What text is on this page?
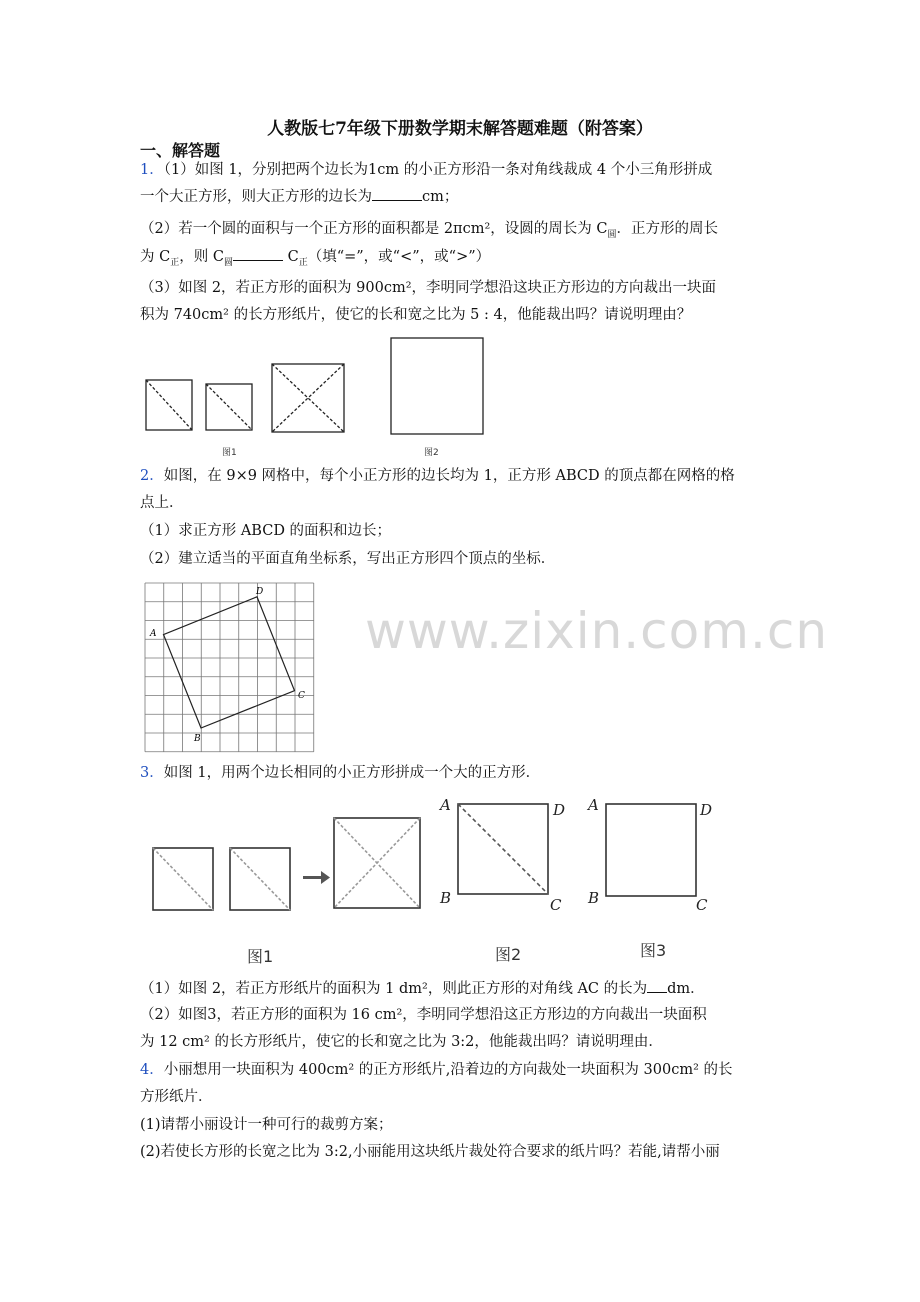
人教版七7年级下册数学期末解答题难题（附答案）
一、解答题
1．（1）如图 1，分别把两个边长为1cm 的小正方形沿一条对角线裁成 4 个小三角形拼成
一个大正方形，则大正方形的边长为	cm；
（2）若一个圆的面积与一个正方形的面积都是 2πcm²，设圆的周长为 $C_圆$．正方形的周长
为 $C_正$，则 $C_圆$	$C_正$（填“=”，或“<”，或“>”）
（3）如图 2，若正方形的面积为 900cm²，李明同学想沿这块正方形边的方向裁出一块面
积为 740cm² 的长方形纸片，使它的长和宽之比为 5 : 4，他能裁出吗？请说明理由？
图1	图2
2．如图，在 9×9 网格中，每个小正方形的边长均为 1，正方形 ABCD 的顶点都在网格的格
点上．
（1）求正方形 ABCD 的面积和边长；
（2）建立适当的平面直角坐标系，写出正方形四个顶点的坐标．
A
B
C
D
www.zixin.com.cn
3．如图 1，用两个边长相同的小正方形拼成一个大的正方形．
A
B	C
D A
B	C
D
图1	图2	图3
（1）如图 2，若正方形纸片的面积为 1 dm²，则此正方形的对角线 AC 的长为 dm．
（2）如图3，若正方形的面积为 16 cm²，李明同学想沿这正方形边的方向裁出一块面积
为 12 cm² 的长方形纸片，使它的长和宽之比为 3:2，他能裁出吗？请说明理由．
4．小丽想用一块面积为 400cm² 的正方形纸片,沿着边的方向裁处一块面积为 300cm² 的长
方形纸片．
(1)请帮小丽设计一种可行的裁剪方案；
(2)若使长方形的长宽之比为 3:2,小丽能用这块纸片裁处符合要求的纸片吗？若能,请帮小丽
